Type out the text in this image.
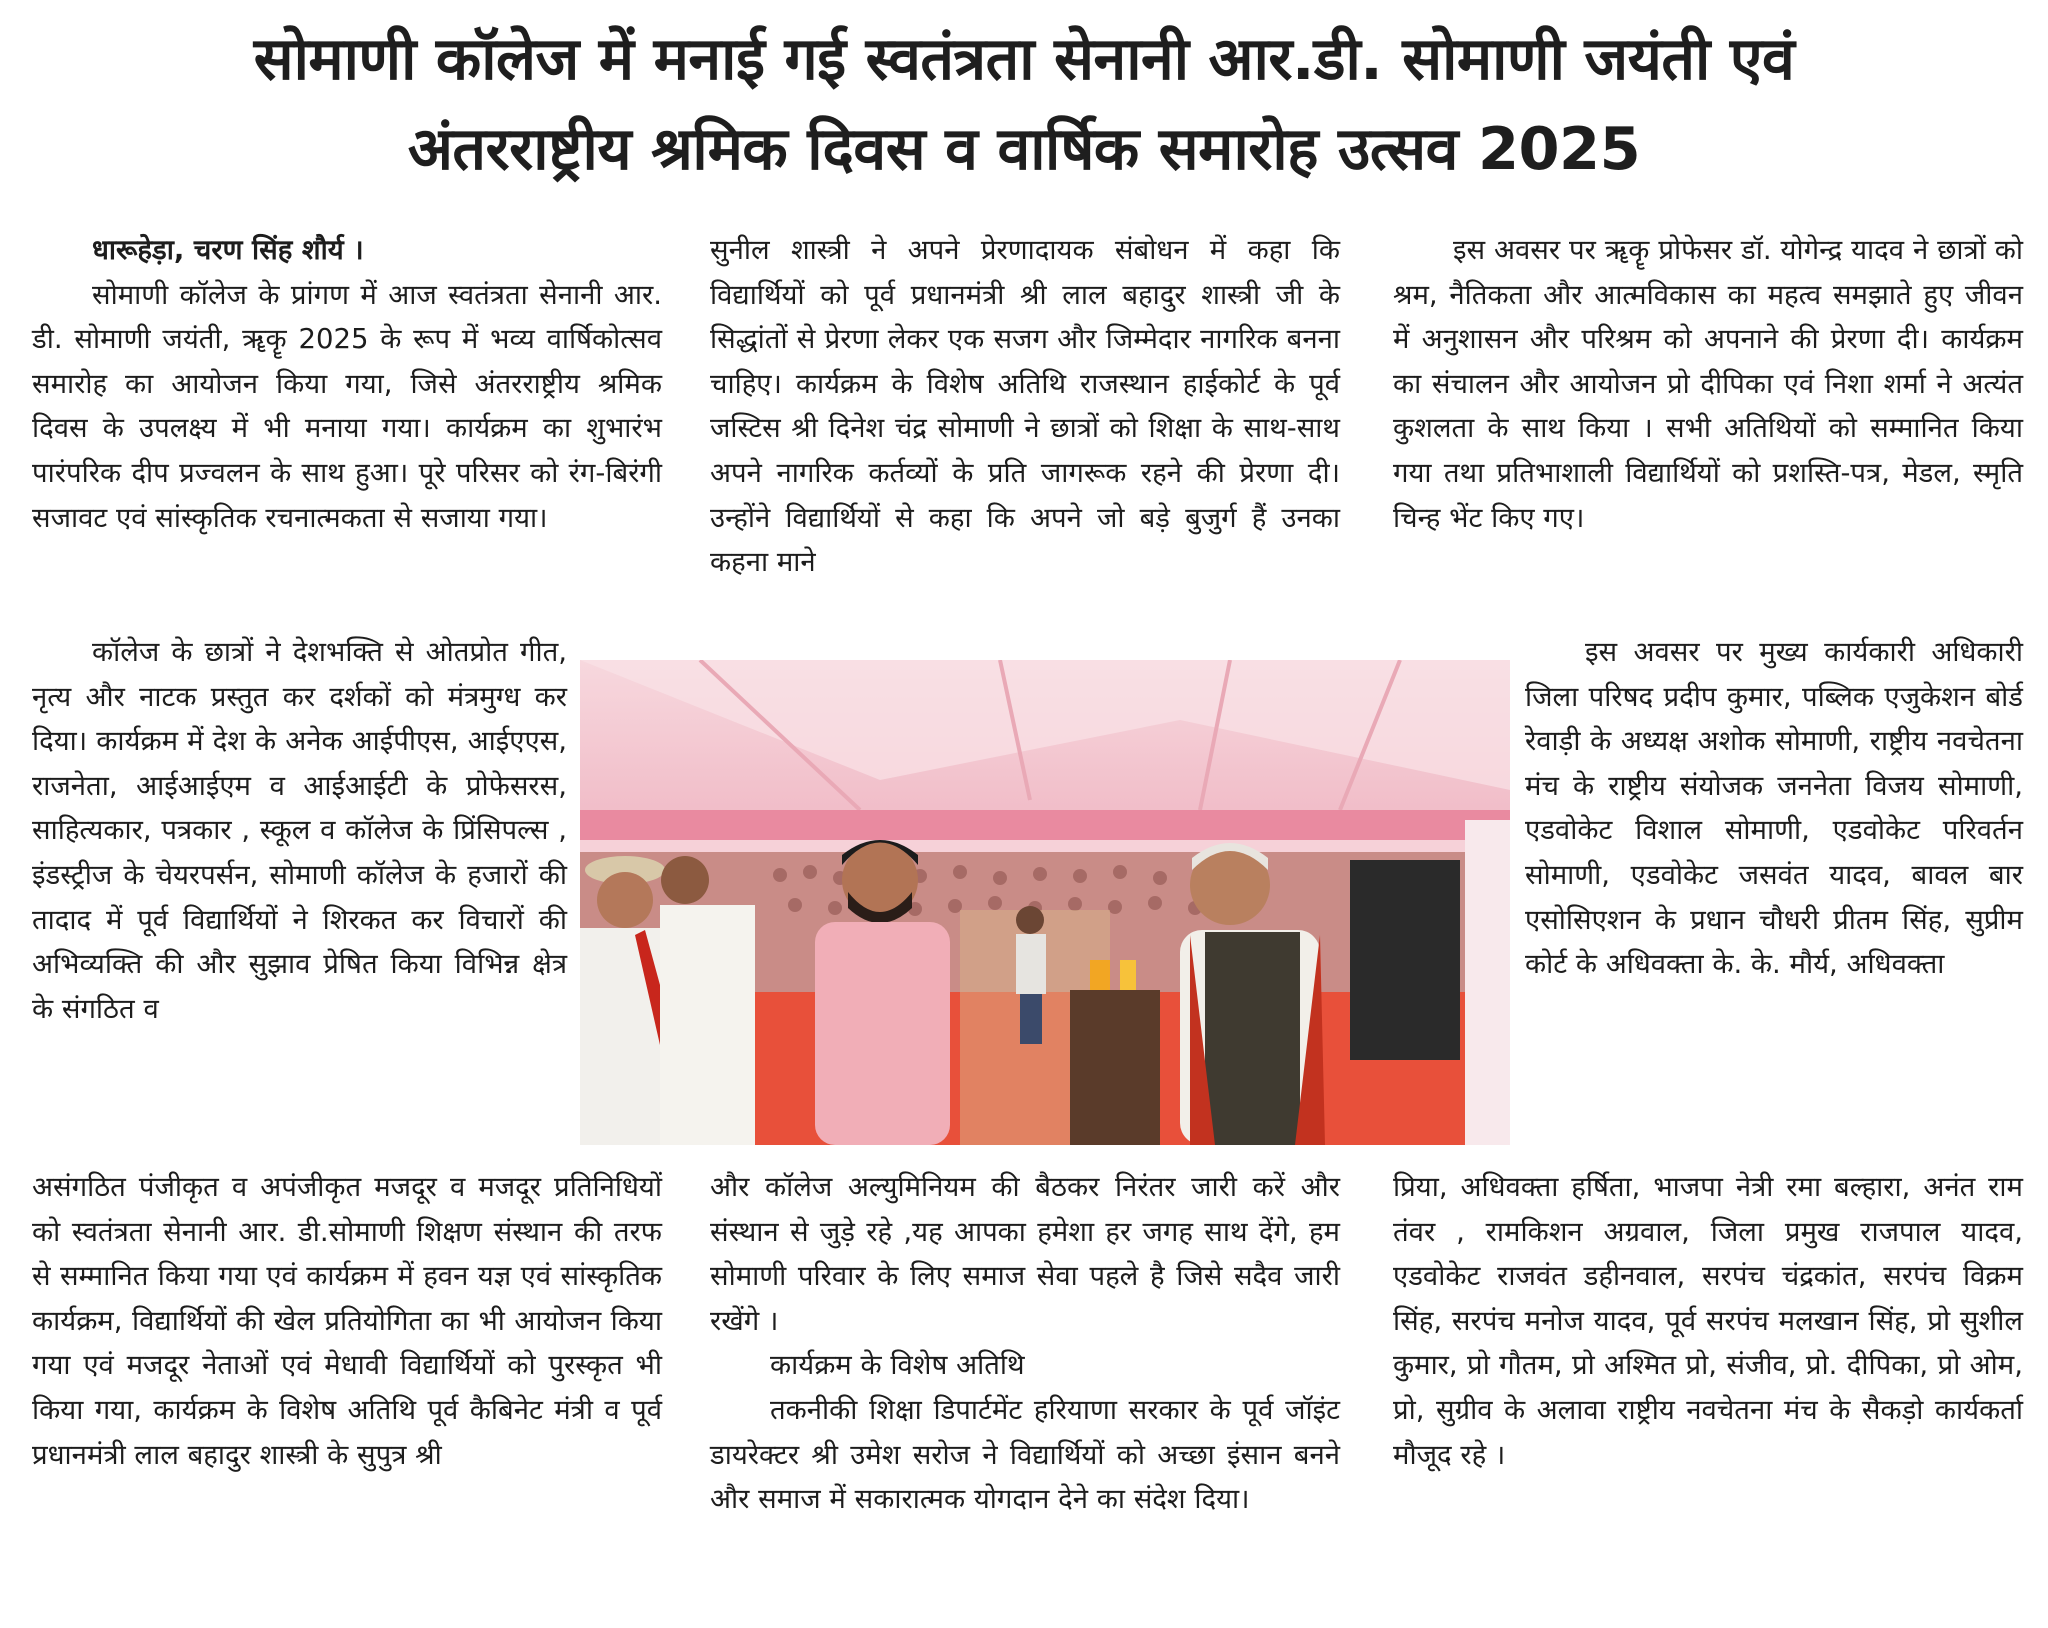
सोमाणी कॉलेज में मनाई गई स्वतंत्रता सेनानी आर.डी. सोमाणी जयंती एवं
अंतरराष्ट्रीय श्रमिक दिवस व वार्षिक समारोह उत्सव 2025

धारूहेड़ा, चरण सिंह शौर्य ।

सोमाणी कॉलेज के प्रांगण में आज स्वतंत्रता सेनानी आर. डी. सोमाणी जयंती, ॠकॄ 2025 के रूप में भव्य वार्षिकोत्सव समारोह का आयोजन किया गया, जिसे अंतरराष्ट्रीय श्रमिक दिवस के उपलक्ष्य में भी मनाया गया। कार्यक्रम का शुभारंभ पारंपरिक दीप प्रज्वलन के साथ हुआ। पूरे परिसर को रंग-बिरंगी सजावट एवं सांस्कृतिक रचनात्मकता से सजाया गया।

कॉलेज के छात्रों ने देशभक्ति से ओतप्रोत गीत, नृत्य और नाटक प्रस्तुत कर दर्शकों को मंत्रमुग्ध कर दिया। कार्यक्रम में देश के अनेक आईपीएस, आईएएस, राजनेता, आईआईएम व आईआईटी के प्रोफेसरस, साहित्यकार, पत्रकार , स्कूल व कॉलेज के प्रिंसिपल्स , इंडस्ट्रीज के चेयरपर्सन, सोमाणी कॉलेज के हजारों की तादाद में पूर्व विद्यार्थियों ने शिरकत कर विचारों की अभिव्यक्ति की और सुझाव प्रेषित किया विभिन्न क्षेत्र के संगठित व

असंगठित पंजीकृत व अपंजीकृत मजदूर व मजदूर प्रतिनिधियों को स्वतंत्रता सेनानी आर. डी.सोमाणी शिक्षण संस्थान की तरफ से सम्मानित किया गया एवं कार्यक्रम में हवन यज्ञ एवं सांस्कृतिक कार्यक्रम, विद्यार्थियों की खेल प्रतियोगिता का भी आयोजन किया गया एवं मजदूर नेताओं एवं मेधावी विद्यार्थियों को पुरस्कृत भी किया गया, कार्यक्रम के विशेष अतिथि पूर्व कैबिनेट मंत्री व पूर्व प्रधानमंत्री लाल बहादुर शास्त्री के सुपुत्र श्री

सुनील शास्त्री ने अपने प्रेरणादायक संबोधन में कहा कि विद्यार्थियों को पूर्व प्रधानमंत्री श्री लाल बहादुर शास्त्री जी के सिद्धांतों से प्रेरणा लेकर एक सजग और जिम्मेदार नागरिक बनना चाहिए। कार्यक्रम के विशेष अतिथि राजस्थान हाईकोर्ट के पूर्व जस्टिस श्री दिनेश चंद्र सोमाणी ने छात्रों को शिक्षा के साथ-साथ अपने नागरिक कर्तव्यों के प्रति जागरूक रहने की प्रेरणा दी। उन्होंने विद्यार्थियों से कहा कि अपने जो बड़े बुजुर्ग हैं उनका कहना माने

और कॉलेज अल्युमिनियम की बैठकर निरंतर जारी करें और संस्थान से जुड़े रहे ,यह आपका हमेशा हर जगह साथ देंगे, हम सोमाणी परिवार के लिए समाज सेवा पहले है जिसे सदैव जारी रखेंगे ।

कार्यक्रम के विशेष अतिथि

तकनीकी शिक्षा डिपार्टमेंट हरियाणा सरकार के पूर्व जॉइंट डायरेक्टर श्री उमेश सरोज ने विद्यार्थियों को अच्छा इंसान बनने और समाज में सकारात्मक योगदान देने का संदेश दिया।

इस अवसर पर ॠकॄ प्रोफेसर डॉ. योगेन्द्र यादव ने छात्रों को श्रम, नैतिकता और आत्मविकास का महत्व समझाते हुए जीवन में अनुशासन और परिश्रम को अपनाने की प्रेरणा दी। कार्यक्रम का संचालन और आयोजन प्रो दीपिका एवं निशा शर्मा ने अत्यंत कुशलता के साथ किया । सभी अतिथियों को सम्मानित किया गया तथा प्रतिभाशाली विद्यार्थियों को प्रशस्ति-पत्र, मेडल, स्मृति चिन्ह भेंट किए गए।

इस अवसर पर मुख्य कार्यकारी अधिकारी जिला परिषद प्रदीप कुमार, पब्लिक एजुकेशन बोर्ड रेवाड़ी के अध्यक्ष अशोक सोमाणी, राष्ट्रीय नवचेतना मंच के राष्ट्रीय संयोजक जननेता विजय सोमाणी, एडवोकेट विशाल सोमाणी, एडवोकेट परिवर्तन सोमाणी, एडवोकेट जसवंत यादव, बावल बार एसोसिएशन के प्रधान चौधरी प्रीतम सिंह, सुप्रीम कोर्ट के अधिवक्ता के. के. मौर्य, अधिवक्ता

प्रिया, अधिवक्ता हर्षिता, भाजपा नेत्री रमा बल्हारा, अनंत राम तंवर , रामकिशन अग्रवाल, जिला प्रमुख राजपाल यादव, एडवोकेट राजवंत डहीनवाल, सरपंच चंद्रकांत, सरपंच विक्रम सिंह, सरपंच मनोज यादव, पूर्व सरपंच मलखान सिंह, प्रो सुशील कुमार, प्रो गौतम, प्रो अश्मित प्रो, संजीव, प्रो. दीपिका, प्रो ओम, प्रो, सुग्रीव के अलावा राष्ट्रीय नवचेतना मंच के सैकड़ो कार्यकर्ता मौजूद रहे ।
